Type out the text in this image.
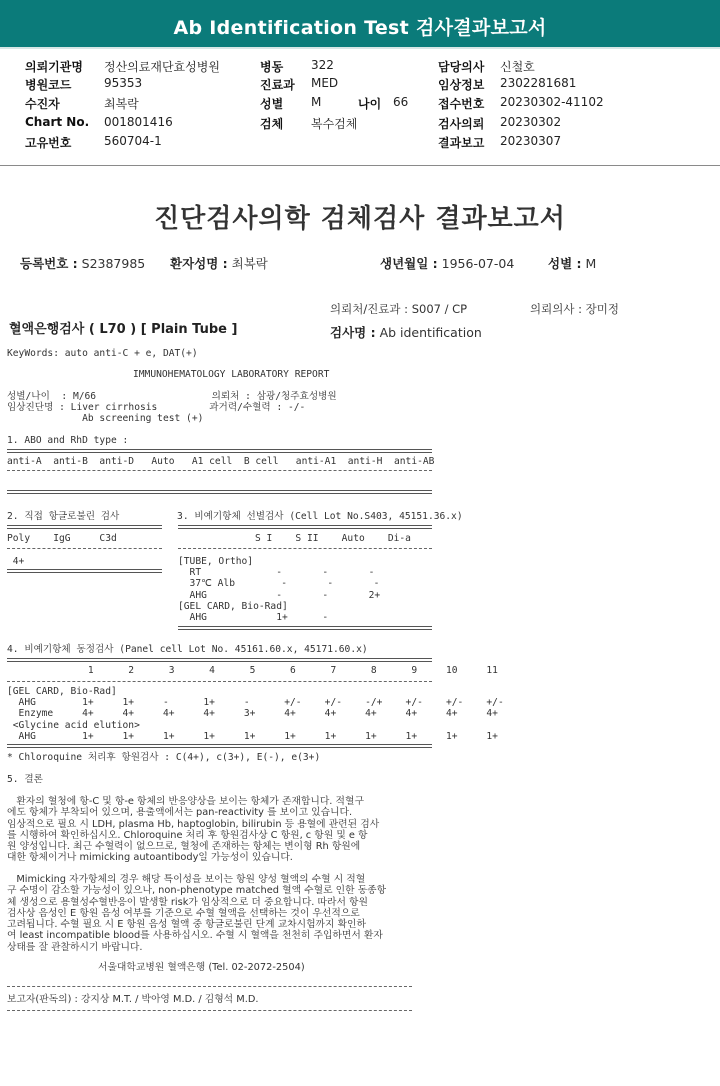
Ab Identification Test 검사결과보고서
의뢰기관명 정산의료재단효성병원
병원코드	95353
수진자	최복락
Chart No. 001801416
고유번호	560704-1
병동 322
진료과 MED
성별 M	나이 66
검체 복수검체
담당의사 신철호
임상정보 2302281681
접수번호 20230302-41102
검사의뢰 20230302
결과보고 20230307
진단검사의학 검체검사 결과보고서
등록번호 : S2387985 환자성명 : 최복락	생년월일 : 1956-07-04	성별 : M
의뢰처/진료과 : S007 / CP	의뢰의사 : 장미정
혈액은행검사 ( L70 ) [ Plain Tube ]	검사명 : Ab identification
KeyWords: auto anti-C + e, DAT(+)
IMMUNOHEMATOLOGY LABORATORY REPORT
성별/나이  : M/66                    의뢰처 : 삼광/청주효성병원
임상진단명 : Liver cirrhosis         과거력/수혈력 : -/-
Ab screening test (+)
1. ABO and RhD type :
anti-A  anti-B  anti-D   Auto   A1 cell  B cell   anti-A1  anti-H  anti-AB
2. 직접 항글로불린 검사          3. 비예기항체 선별검사 (Cell Lot No.S403, 45151.36.x)
Poly    IgG     C3d	S I    S II    Auto    Di-a
4+	[TUBE, Ortho]
RT             -       -       -
37℃ Alb        -       -       -
AHG            -       -       2+
[GEL CARD, Bio-Rad]
AHG            1+      -
4. 비예기항체 동정검사 (Panel cell Lot No. 45161.60.x, 45171.60.x)
1      2      3      4      5      6      7      8      9     10     11
[GEL CARD, Bio-Rad]
AHG        1+     1+     -      1+     -      +/-    +/-    -/+    +/-    +/-    +/-
Enzyme     4+     4+     4+     4+     3+     4+     4+     4+     4+     4+     4+
<Glycine acid elution>
AHG        1+     1+     1+     1+     1+     1+     1+     1+     1+     1+     1+
* Chloroquine 처리후 항원검사 : C(4+), c(3+), E(-), e(3+)
5. 결론
환자의 혈청에 항-C 및 항-e 항체의 반응양상을 보이는 항체가 존재합니다. 적혈구
에도 항체가 부착되어 있으며, 용출액에서는 pan-reactivity 를 보이고 있습니다.
임상적으로 필요 시 LDH, plasma Hb, haptoglobin, bilirubin 등 용혈에 관련된 검사
를 시행하여 확인하십시오. Chloroquine 처리 후 항원검사상 C 항원, c 항원 및 e 항
원 양성입니다. 최근 수혈력이 없으므로, 혈청에 존재하는 항체는 변이형 Rh 항원에
대한 항체이거나 mimicking autoantibody일 가능성이 있습니다.
Mimicking 자가항체의 경우 해당 특이성을 보이는 항원 양성 혈액의 수혈 시 적혈
구 수명이 감소할 가능성이 있으나, non-phenotype matched 혈액 수혈로 인한 동종항
체 생성으로 용혈성수혈반응이 발생할 risk가 임상적으로 더 중요합니다. 따라서 항원
검사상 음성인 E 항원 음성 여부를 기준으로 수혈 혈액을 선택하는 것이 우선적으로
고려됩니다. 수혈 필요 시 E 항원 음성 혈액 중 항글로불린 단계 교차시험까지 확인하
여 least incompatible blood를 사용하십시오. 수혈 시 혈액을 천천히 주입하면서 환자
상태를 잘 관찰하시기 바랍니다.
서울대학교병원 혈액은행 (Tel. 02-2072-2504)
보고자(판독의) : 강지상 M.T. / 박아영 M.D. / 김형석 M.D.
